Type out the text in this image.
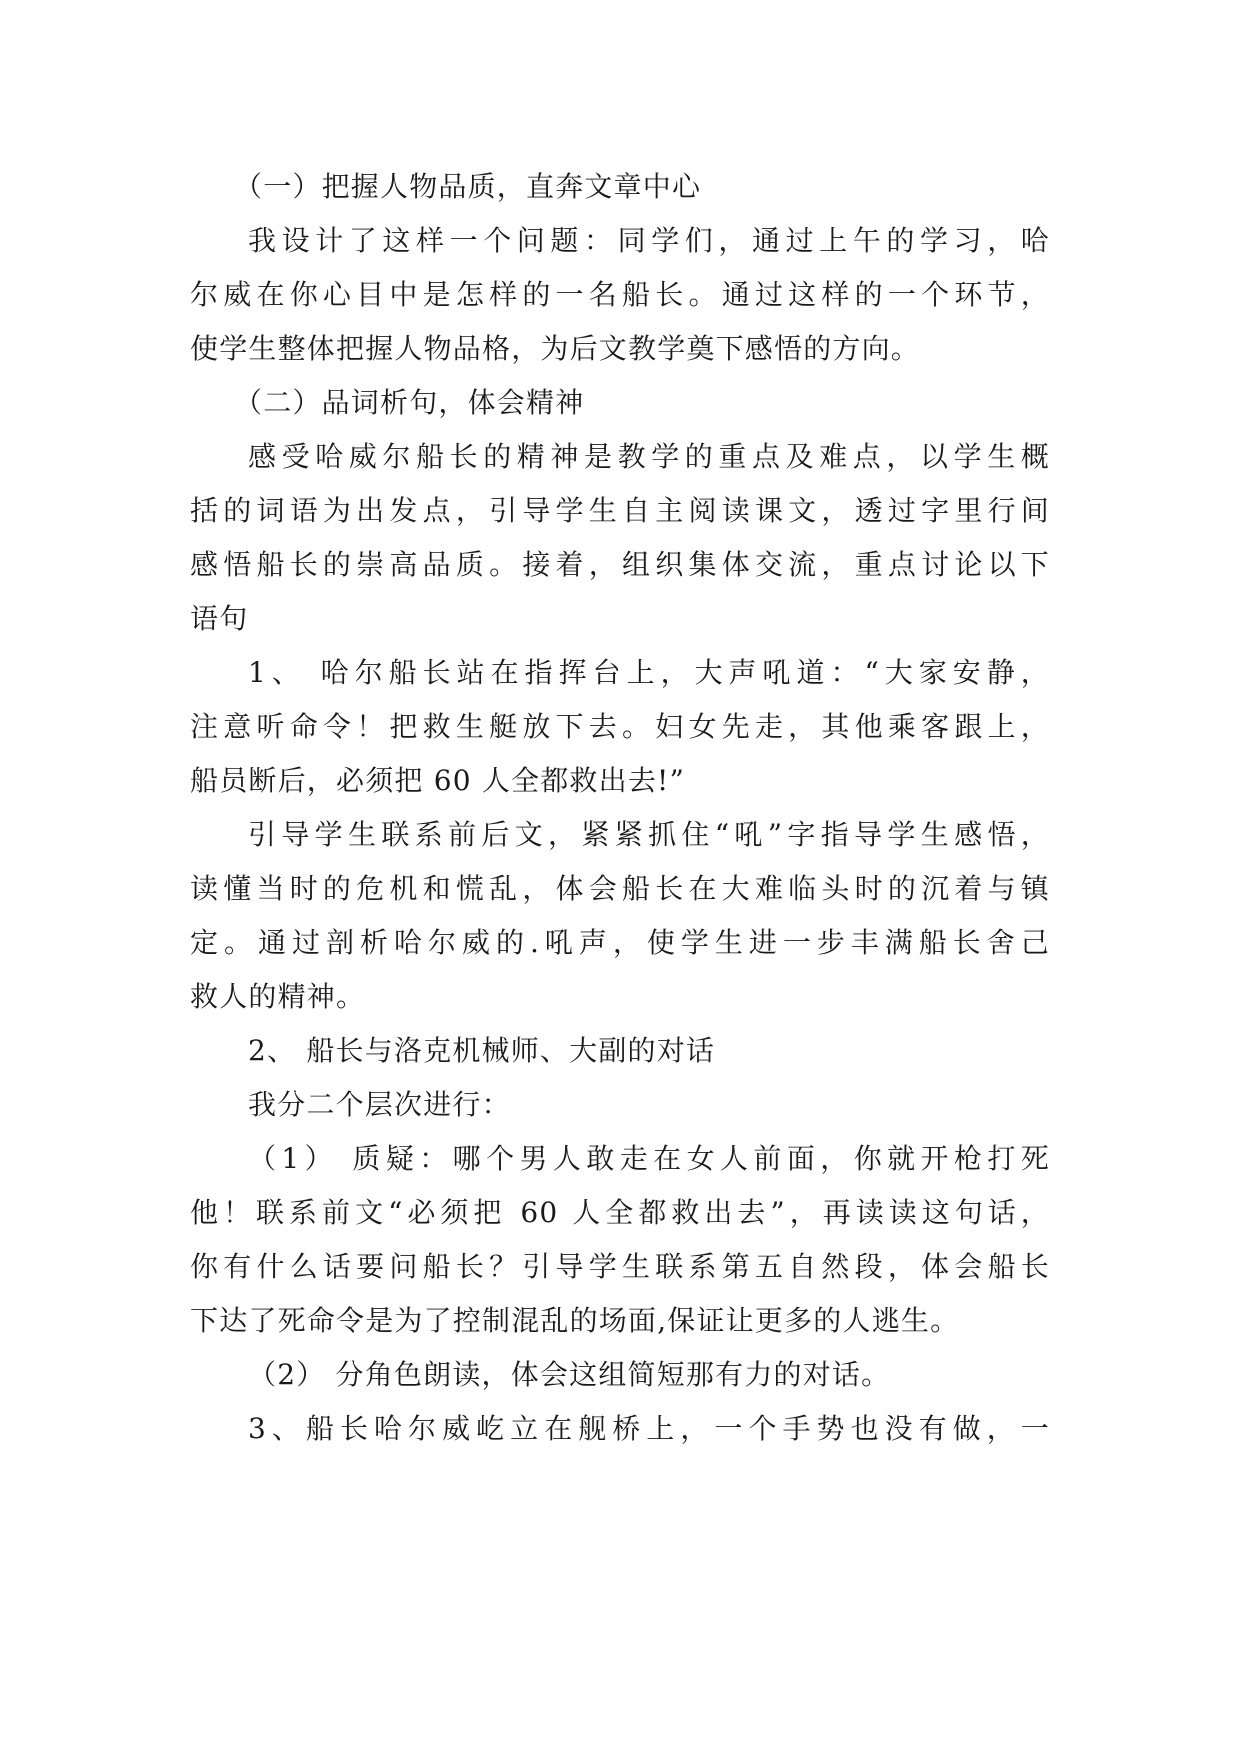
（一）把握人物品质，直奔文章中心
我设计了这样一个问题：同学们，通过上午的学习，哈
尔威在你心目中是怎样的一名船长。通过这样的一个环节，
使学生整体把握人物品格，为后文教学奠下感悟的方向。
（二）品词析句，体会精神
感受哈威尔船长的精神是教学的重点及难点，以学生概
括的词语为出发点，引导学生自主阅读课文，透过字里行间
感悟船长的崇高品质。接着，组织集体交流，重点讨论以下
语句
1、 哈尔船长站在指挥台上，大声吼道：“大家安静，
注意听命令！把救生艇放下去。妇女先走，其他乘客跟上，
船员断后，必须把 60 人全都救出去!”
引导学生联系前后文，紧紧抓住“吼”字指导学生感悟，
读懂当时的危机和慌乱，体会船长在大难临头时的沉着与镇
定。通过剖析哈尔威的.吼声，使学生进一步丰满船长舍己
救人的精神。
2、 船长与洛克机械师、大副的对话
我分二个层次进行：
（1） 质疑：哪个男人敢走在女人前面，你就开枪打死
他！联系前文“必须把 60 人全都救出去”，再读读这句话，
你有什么话要问船长？引导学生联系第五自然段，体会船长
下达了死命令是为了控制混乱的场面,保证让更多的人逃生。
（2） 分角色朗读，体会这组简短那有力的对话。
3、船长哈尔威屹立在舰桥上，一个手势也没有做，一
